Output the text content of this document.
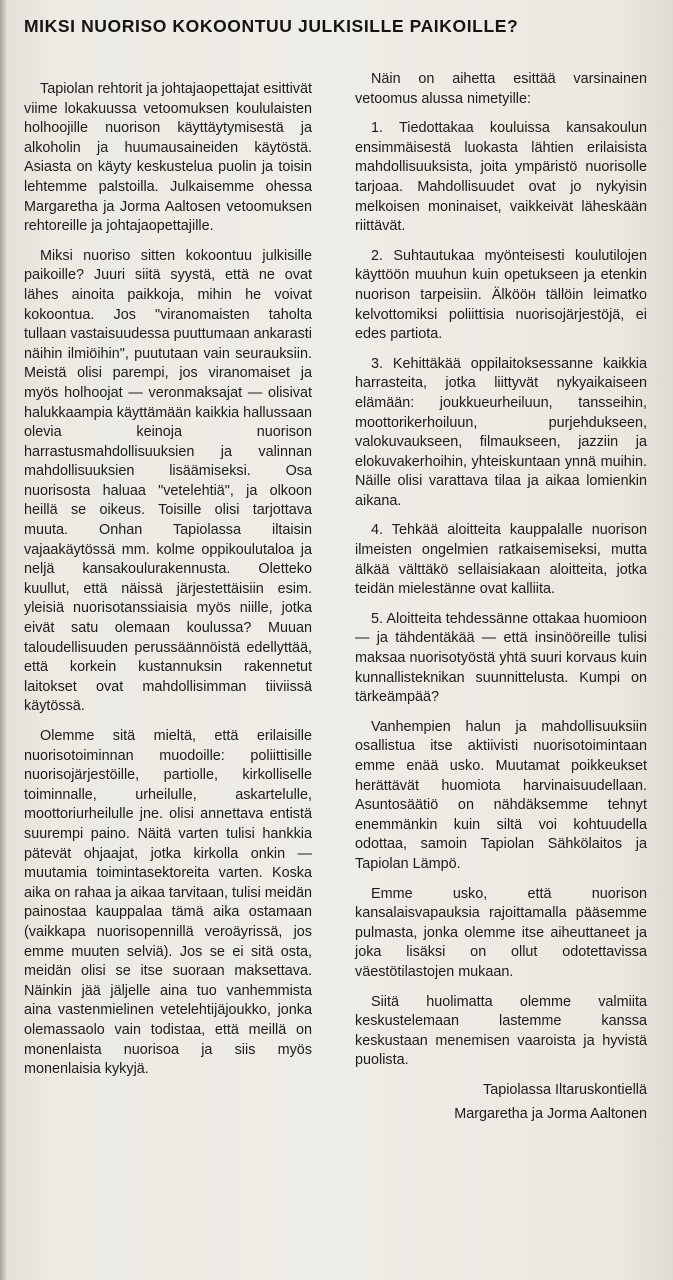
MIKSI NUORISO KOKOONTUU JULKISILLE PAIKOILLE?

Tapiolan rehtorit ja johtajaopettajat esittivät viime lokakuussa vetoomuksen koululaisten holhoojille nuorison käyttäytymisestä ja alkoholin ja huumausaineiden käytöstä. Asiasta on käyty keskustelua puolin ja toisin lehtemme palstoilla. Julkaisemme ohessa Margaretha ja Jorma Aaltosen vetoomuksen rehtoreille ja johtajaopettajille.

Miksi nuoriso sitten kokoontuu julkisille paikoille? Juuri siitä syystä, että ne ovat lähes ainoita paikkoja, mihin he voivat kokoontua. Jos "viranomaisten taholta tullaan vastaisuudessa puuttumaan ankarasti näihin ilmiöihin", puututaan vain seurauksiin. Meistä olisi parempi, jos viranomaiset ja myös holhoojat — veronmaksajat — olisivat halukkaampia käyttämään kaikkia hallussaan olevia keinoja nuorison harrastusmahdollisuuksien ja valinnan mahdollisuuksien lisäämiseksi. Osa nuorisosta haluaa "vetelehtiä", ja olkoon heillä se oikeus. Toisille olisi tarjottava muuta. Onhan Tapiolassa iltaisin vajaakäytössä mm. kolme oppikoulutaloa ja neljä kansakoulurakennusta. Oletteko kuullut, että näissä järjestettäisiin esim. yleisiä nuorisotanssiaisia myös niille, jotka eivät satu olemaan koulussa? Muuan taloudellisuuden perussäännöistä edellyttää, että korkein kustannuksin rakennetut laitokset ovat mahdollisimman tiiviissä käytössä.

Olemme sitä mieltä, että erilaisille nuorisotoiminnan muodoille: poliittisille nuorisojärjestöille, partiolle, kirkolliselle toiminnalle, urheilulle, askartelulle, moottoriurheilulle jne. olisi annettava entistä suurempi paino. Näitä varten tulisi hankkia pätevät ohjaajat, jotka kirkolla onkin — muutamia toimintasektoreita varten. Koska aika on rahaa ja aikaa tarvitaan, tulisi meidän painostaa kauppalaa tämä aika ostamaan (vaikkapa nuorisopennillä veroäyrissä, jos emme muuten selviä). Jos se ei sitä osta, meidän olisi se itse suoraan maksettava. Näinkin jää jäljelle aina tuo vanhemmista aina vastenmielinen vetelehtijäjoukko, jonka olemassaolo vain todistaa, että meillä on monenlaista nuorisoa ja siis myös monenlaisia kykyjä.

Näin on aihetta esittää varsinainen vetoomus alussa nimetyille:

1. Tiedottakaa kouluissa kansakoulun ensimmäisestä luokasta lähtien erilaisista mahdollisuuksista, joita ympäristö nuorisolle tarjoaa. Mahdollisuudet ovat jo nykyisin melkoisen moninaiset, vaikkeivät läheskään riittävät.

2. Suhtautukaa myönteisesti koulutilojen käyttöön muuhun kuin opetukseen ja etenkin nuorison tarpeisiin. Älkööн tällöin leimatko kelvottomiksi poliittisia nuorisojärjestöjä, ei edes partiota.

3. Kehittäkää oppilaitoksessanne kaikkia harrasteita, jotka liittyvät nykyaikaiseen elämään: joukkueurheiluun, tansseihin, moottorikerhoiluun, purjehdukseen, valokuvaukseen, filmaukseen, jazziin ja elokuvakerhoihin, yhteiskuntaan ynnä muihin. Näille olisi varattava tilaa ja aikaa lomienkin aikana.

4. Tehkää aloitteita kauppalalle nuorison ilmeisten ongelmien ratkaisemiseksi, mutta älkää välttäkö sellaisiakaan aloitteita, jotka teidän mielestänne ovat kalliita.

5. Aloitteita tehdessänne ottakaa huomioon — ja tähdentäkää — että insinööreille tulisi maksaa nuorisotyöstä yhtä suuri korvaus kuin kunnallisteknikan suunnittelusta. Kumpi on tärkeämpää?

Vanhempien halun ja mahdollisuuksiin osallistua itse aktiivisti nuorisotoimintaan emme enää usko. Muutamat poikkeukset herättävät huomiota harvinaisuudellaan. Asuntosäätiö on nähdäksemme tehnyt enemmänkin kuin siltä voi kohtuudella odottaa, samoin Tapiolan Sähkölaitos ja Tapiolan Lämpö.

Emme usko, että nuorison kansalaisvapauksia rajoittamalla pääsemme pulmasta, jonka olemme itse aiheuttaneet ja joka lisäksi on ollut odotettavissa väestötilastojen mukaan.

Siitä huolimatta olemme valmiita keskustelemaan lastemme kanssa keskustaan menemisen vaaroista ja hyvistä puolista.

Tapiolassa Iltaruskontiellä

Margaretha ja Jorma Aaltonen
